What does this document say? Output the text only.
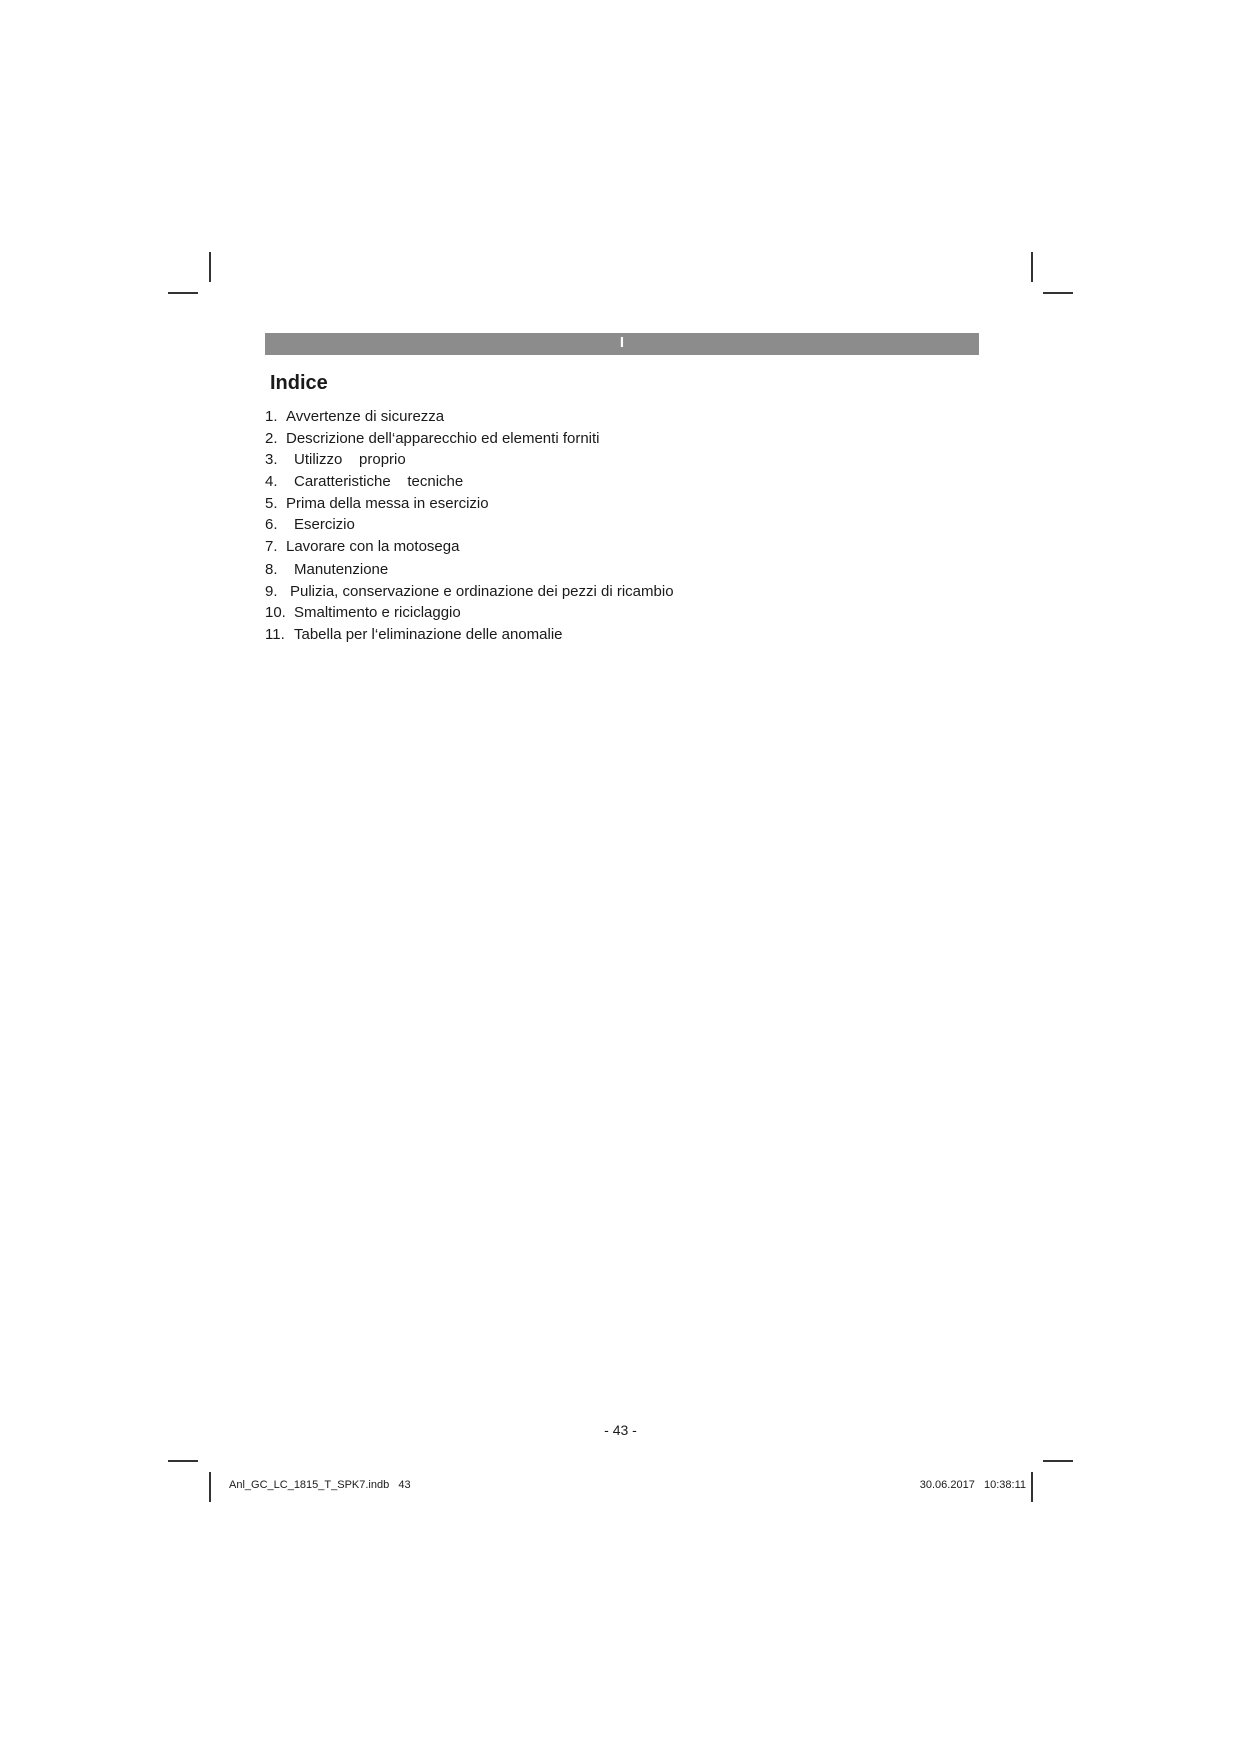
I
Indice
1. Avvertenze di sicurezza
2. Descrizione dell‘apparecchio ed elementi forniti
3.	Utilizzo    proprio
4.	Caratteristiche    tecniche
5. Prima della messa in esercizio
6.	Esercizio
7. Lavorare con la motosega
8.	Manutenzione
9. Pulizia, conservazione e ordinazione dei pezzi di ricambio
10. Smaltimento e riciclaggio
11. Tabella per l‘eliminazione delle anomalie
- 43 -
Anl_GC_LC_1815_T_SPK7.indb   43	30.06.2017   10:38:11
